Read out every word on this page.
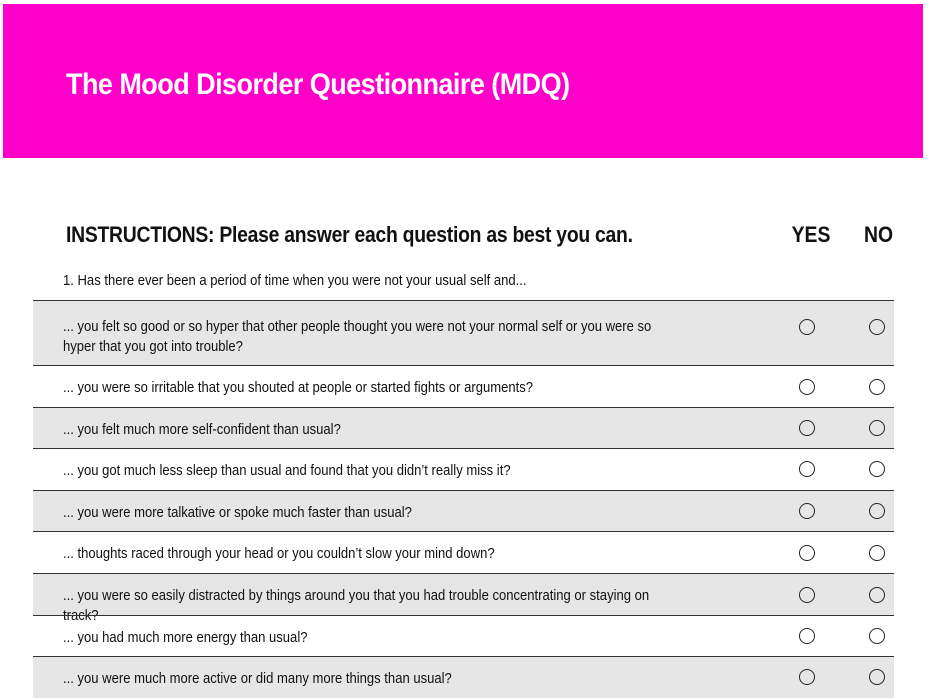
The Mood Disorder Questionnaire (MDQ)
INSTRUCTIONS: Please answer each question as best you can.	YES NO
1. Has there ever been a period of time when you were not your usual self and...
... you felt so good or so hyper that other people thought you were not your normal self or you were so hyper that you got into trouble?
... you were so irritable that you shouted at people or started fights or arguments?
... you felt much more self-confident than usual?
... you got much less sleep than usual and found that you didn’t really miss it?
... you were more talkative or spoke much faster than usual?
... thoughts raced through your head or you couldn’t slow your mind down?
... you were so easily distracted by things around you that you had trouble concentrating or staying on track?
... you had much more energy than usual?
... you were much more active or did many more things than usual?
